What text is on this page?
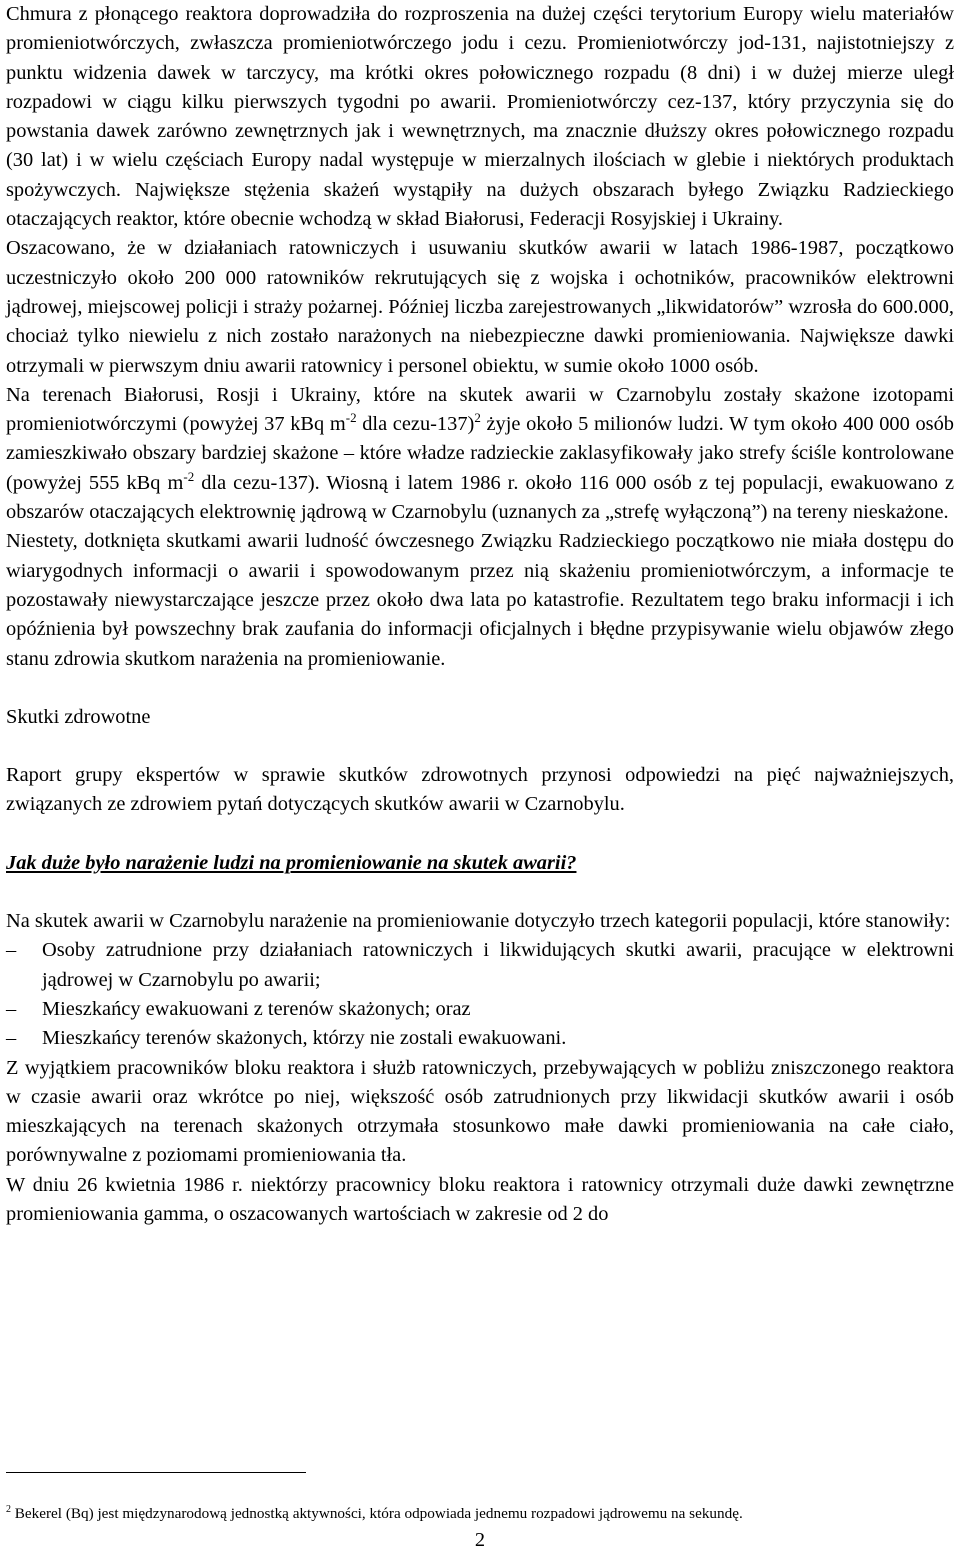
Chmura z płonącego reaktora doprowadziła do rozproszenia na dużej części terytorium Europy wielu materiałów promieniotwórczych, zwłaszcza promieniotwórczego jodu i cezu. Promieniotwórczy jod-131, najistotniejszy z punktu widzenia dawek w tarczycy, ma krótki okres połowicznego rozpadu (8 dni) i w dużej mierze uległ rozpadowi w ciągu kilku pierwszych tygodni po awarii. Promieniotwórczy cez-137, który przyczynia się do powstania dawek zarówno zewnętrznych jak i wewnętrznych, ma znacznie dłuższy okres połowicznego rozpadu (30 lat) i w wielu częściach Europy nadal występuje w mierzalnych ilościach w glebie i niektórych produktach spożywczych. Największe stężenia skażeń wystąpiły na dużych obszarach byłego Związku Radzieckiego otaczających reaktor, które obecnie wchodzą w skład Białorusi, Federacji Rosyjskiej i Ukrainy.

Oszacowano, że w działaniach ratowniczych i usuwaniu skutków awarii w latach 1986-1987, początkowo uczestniczyło około 200 000 ratowników rekrutujących się z wojska i ochotników, pracowników elektrowni jądrowej, miejscowej policji i straży pożarnej. Później liczba zarejestrowanych „likwidatorów” wzrosła do 600.000, chociaż tylko niewielu z nich zostało narażonych na niebezpieczne dawki promieniowania. Największe dawki otrzymali w pierwszym dniu awarii ratownicy i personel obiektu, w sumie około 1000 osób.

Na terenach Białorusi, Rosji i Ukrainy, które na skutek awarii w Czarnobylu zostały skażone izotopami promieniotwórczymi (powyżej 37 kBq $m^{-2}$ dla cezu-137)$^2$ żyje około 5 milionów ludzi. W tym około 400 000 osób zamieszkiwało obszary bardziej skażone – które władze radzieckie zaklasyfikowały jako strefy ściśle kontrolowane (powyżej 555 kBq $m^{-2}$ dla cezu-137). Wiosną i latem 1986 r. około 116 000 osób z tej populacji, ewakuowano z obszarów otaczających elektrownię jądrową w Czarnobylu (uznanych za „strefę wyłączoną”) na tereny nieskażone.

Niestety, dotknięta skutkami awarii ludność ówczesnego Związku Radzieckiego początkowo nie miała dostępu do wiarygodnych informacji o awarii i spowodowanym przez nią skażeniu promieniotwórczym, a informacje te pozostawały niewystarczające jeszcze przez około dwa lata po katastrofie. Rezultatem tego braku informacji i ich opóźnienia był powszechny brak zaufania do informacji oficjalnych i błędne przypisywanie wielu objawów złego stanu zdrowia skutkom narażenia na promieniowanie.

Skutki zdrowotne

Raport grupy ekspertów w sprawie skutków zdrowotnych przynosi odpowiedzi na pięć najważniejszych, związanych ze zdrowiem pytań dotyczących skutków awarii w Czarnobylu.

Jak duże było narażenie ludzi na promieniowanie na skutek awarii?

Na skutek awarii w Czarnobylu narażenie na promieniowanie dotyczyło trzech kategorii populacji, które stanowiły:

–	Osoby zatrudnione przy działaniach ratowniczych i likwidujących skutki awarii, pracujące w elektrowni jądrowej w Czarnobylu po awarii;
–	Mieszkańcy ewakuowani z terenów skażonych; oraz
–	Mieszkańcy terenów skażonych, którzy nie zostali ewakuowani.

Z wyjątkiem pracowników bloku reaktora i służb ratowniczych, przebywających w pobliżu zniszczonego reaktora w czasie awarii oraz wkrótce po niej, większość osób zatrudnionych przy likwidacji skutków awarii i osób mieszkających na terenach skażonych otrzymała stosunkowo małe dawki promieniowania na całe ciało, porównywalne z poziomami promieniowania tła.

W dniu 26 kwietnia 1986 r. niektórzy pracownicy bloku reaktora i ratownicy otrzymali duże dawki zewnętrzne promieniowania gamma, o oszacowanych wartościach w zakresie od 2 do

$^2$ Bekerel (Bq) jest międzynarodową jednostką aktywności, która odpowiada jednemu rozpadowi jądrowemu na sekundę.
2
